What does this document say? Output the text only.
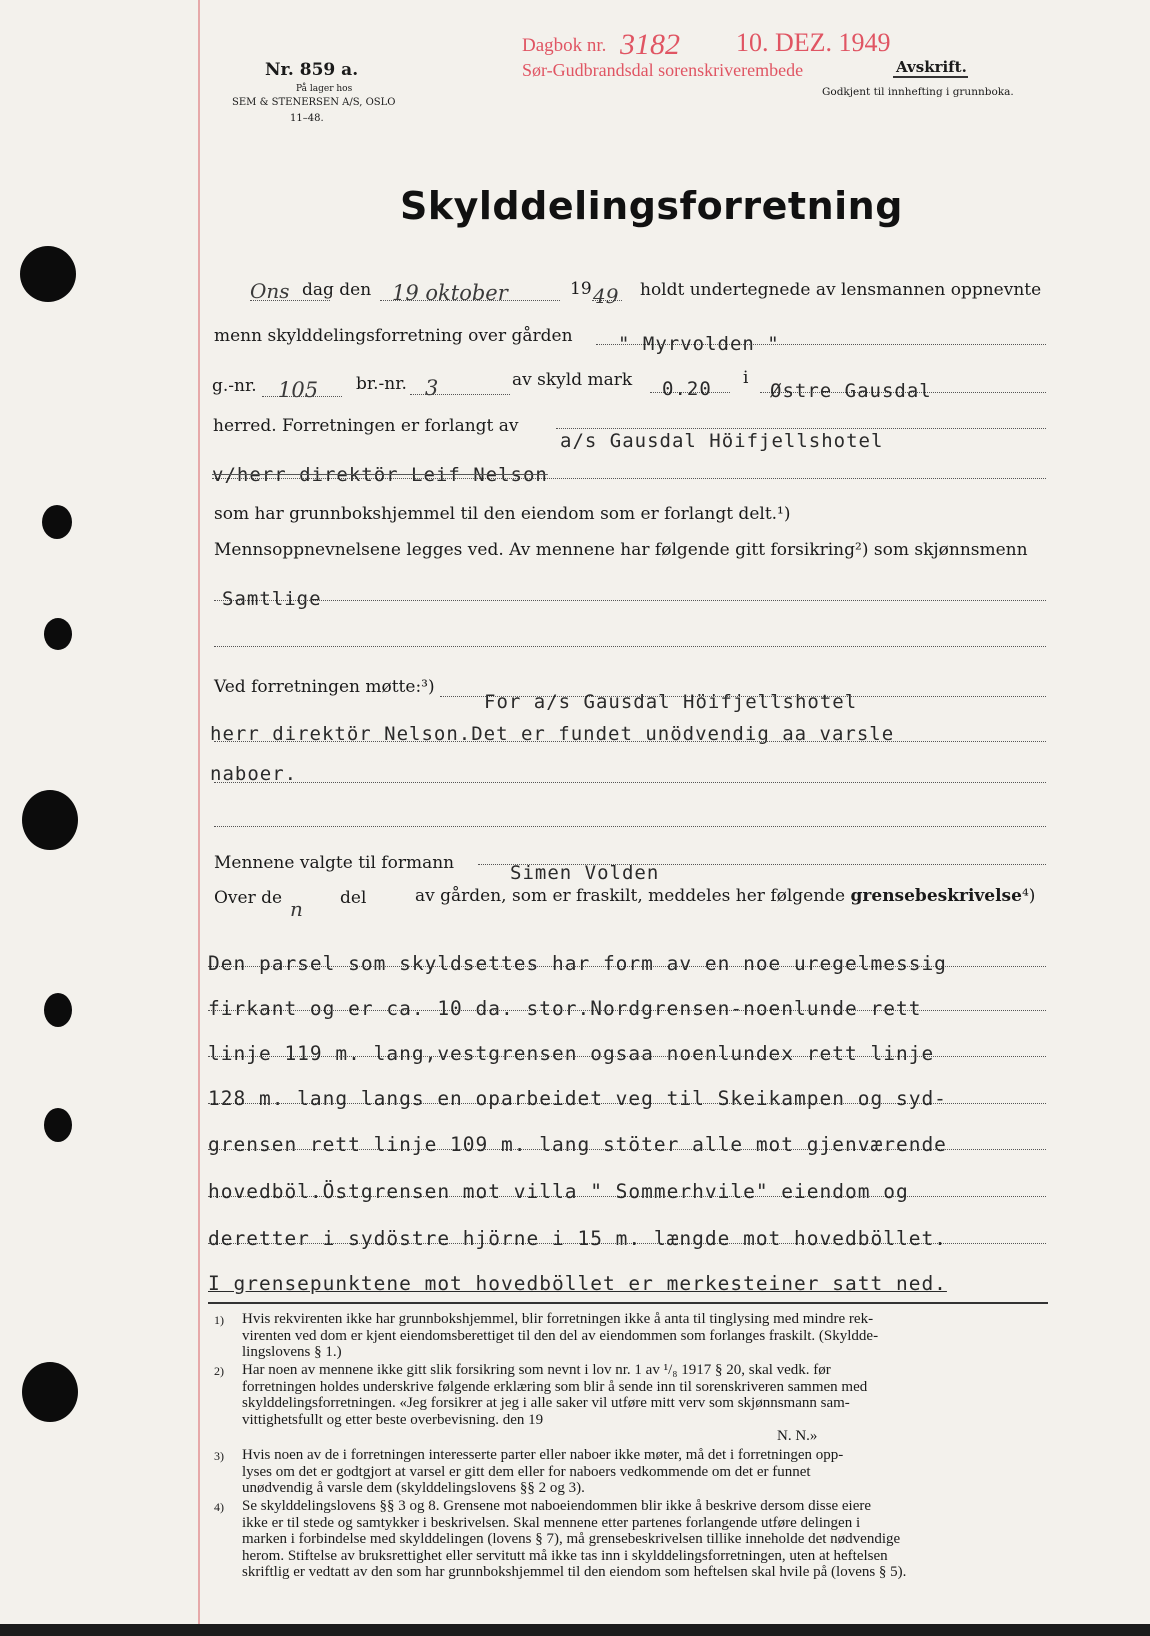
Nr. 859 a.
På lager hos
SEM & STENERSEN A/S, OSLO
11–48.
Dagbok nr. 3182 10. DEZ. 1949
Sør-Gudbrandsdal sorenskriverembede	Avskrift.
Godkjent til innhefting i grunnboka.
Skylddelingsforretning
Ons dag den 19 oktober	19 49 holdt undertegnede av lensmannen oppnevnte
menn skylddelingsforretning over gården " Myrvolden "
g.-nr. 105 br.-nr. 3	av skyld mark 0.20 i
Østre Gausdal
herred. Forretningen er forlangt av
a/s Gausdal Höifjellshotel
v/herr direktör Leif Nelson
som har grunnbokshjemmel til den eiendom som er forlangt delt.¹)
Mennsoppnevnelsene legges ved. Av mennene har følgende gitt forsikring²) som skjønnsmenn
Samtlige
Ved forretningen møtte:³)
For a/s Gausdal Höifjellshotel
herr direktör Nelson.Det er fundet unödvendig aa varsle
naboer.
Mennene valgte til formann	Simen Volden
Over de n del	av gården, som er fraskilt, meddeles her følgende grensebeskrivelse⁴)
Den parsel som skyldsettes har form av en noe uregelmessig
firkant og er ca. 10 da. stor.Nordgrensen-noenlunde rett
linje 119 m. lang,vestgrensen ogsaa noenlundex rett linje
128 m. lang langs en oparbeidet veg til Skeikampen og syd-
grensen rett linje 109 m. lang stöter alle mot gjenværende
hovedböl.Östgrensen mot villa " Sommerhvile" eiendom og
deretter i sydöstre hjörne i 15 m. længde mot hovedböllet.
I grensepunktene mot hovedböllet er merkesteiner satt ned.
1) Hvis rekvirenten ikke har grunnbokshjemmel, blir forretningen ikke å anta til tinglysing med mindre rek-
virenten ved dom er kjent eiendomsberettiget til den del av eiendommen som forlanges fraskilt. (Skyldde-
lingslovens § 1.)
2) Har noen av mennene ikke gitt slik forsikring som nevnt i lov nr. 1 av ¹/₈ 1917 § 20, skal vedk. før
forretningen holdes underskrive følgende erklæring som blir å sende inn til sorenskriveren sammen med
skylddelingsforretningen. «Jeg forsikrer at jeg i alle saker vil utføre mitt verv som skjønnsmann sam-
vittighetsfullt og etter beste overbevisning. den 19
N. N.»
3) Hvis noen av de i forretningen interesserte parter eller naboer ikke møter, må det i forretningen opp-
lyses om det er godtgjort at varsel er gitt dem eller for naboers vedkommende om det er funnet
unødvendig å varsle dem (skylddelingslovens §§ 2 og 3).
4) Se skylddelingslovens §§ 3 og 8. Grensene mot naboeiendommen blir ikke å beskrive dersom disse eiere
ikke er til stede og samtykker i beskrivelsen. Skal mennene etter partenes forlangende utføre delingen i
marken i forbindelse med skylddelingen (lovens § 7), må grensebeskrivelsen tillike inneholde det nødvendige
herom. Stiftelse av bruksrettighet eller servitutt må ikke tas inn i skylddelingsforretningen, uten at heftelsen
skriftlig er vedtatt av den som har grunnbokshjemmel til den eiendom som heftelsen skal hvile på (lovens § 5).
